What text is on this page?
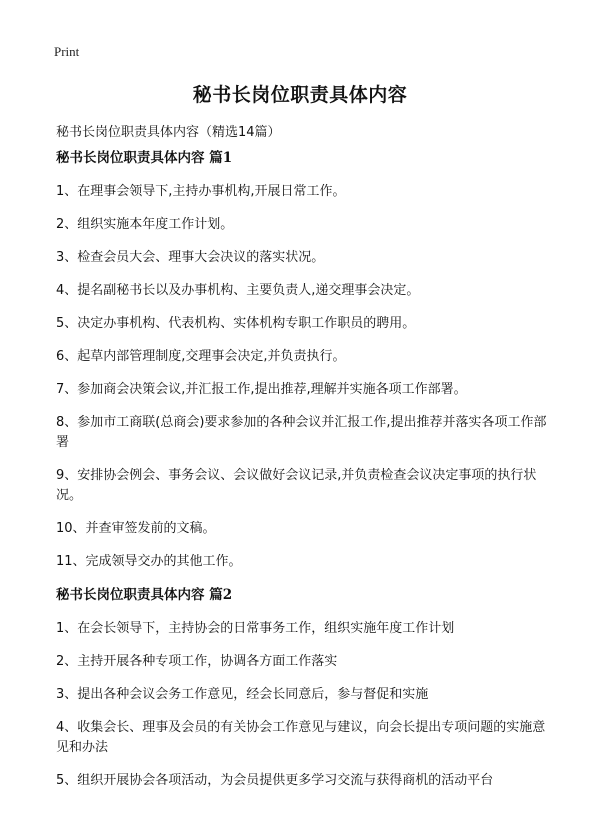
Print
秘书长岗位职责具体内容
秘书长岗位职责具体内容（精选14篇）
秘书长岗位职责具体内容 篇1

1、在理事会领导下,主持办事机构,开展日常工作。

2、组织实施本年度工作计划。

3、检查会员大会、理事大会决议的落实状况。

4、提名副秘书长以及办事机构、主要负责人,递交理事会决定。

5、决定办事机构、代表机构、实体机构专职工作职员的聘用。

6、起草内部管理制度,交理事会决定,并负责执行。

7、参加商会决策会议,并汇报工作,提出推荐,理解并实施各项工作部署。

8、参加市工商联(总商会)要求参加的各种会议并汇报工作,提出推荐并落实各项工作部署

9、安排协会例会、事务会议、会议做好会议记录,并负责检查会议决定事项的执行状况。

10、并查审签发前的文稿。

11、完成领导交办的其他工作。

秘书长岗位职责具体内容 篇2

1、在会长领导下，主持协会的日常事务工作，组织实施年度工作计划

2、主持开展各种专项工作，协调各方面工作落实

3、提出各种会议会务工作意见，经会长同意后，参与督促和实施

4、收集会长、理事及会员的有关协会工作意见与建议，向会长提出专项问题的实施意见和办法

5、组织开展协会各项活动，为会员提供更多学习交流与获得商机的活动平台
